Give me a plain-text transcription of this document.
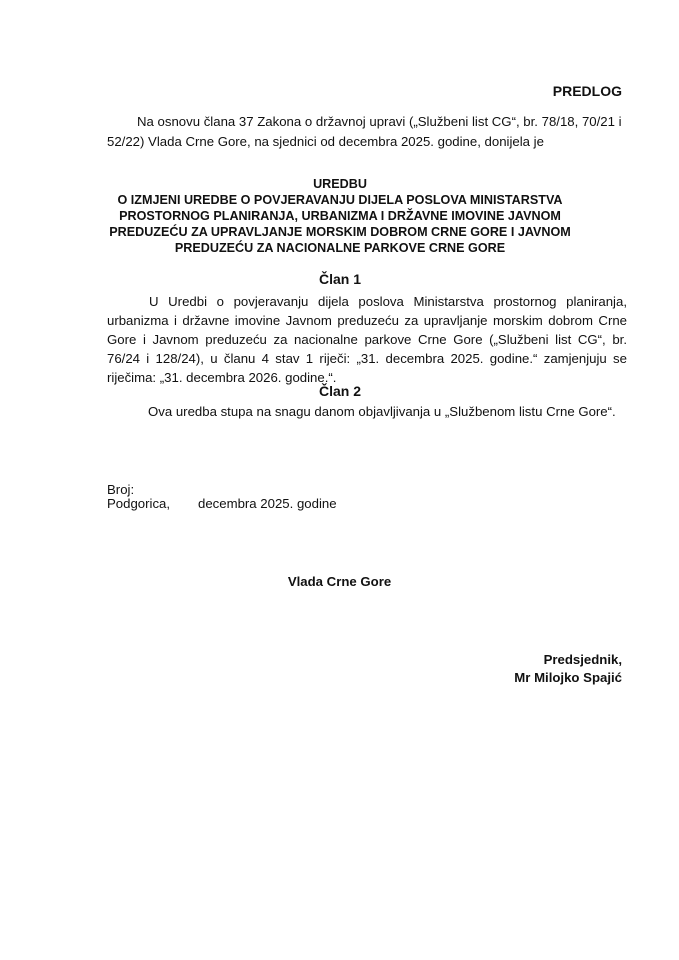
PREDLOG
Na osnovu člana 37 Zakona o državnoj upravi („Službeni list CG“, br. 78/18, 70/21 i 52/22) Vlada Crne Gore, na sjednici od decembra 2025. godine, donijela je
UREDBU
O IZMJENI UREDBE O POVJERAVANJU DIJELA POSLOVA MINISTARSTVA PROSTORNOG PLANIRANJA, URBANIZMA I DRŽAVNE IMOVINE JAVNOM PREDUZEĆU ZA UPRAVLJANJE MORSKIM DOBROM CRNE GORE I JAVNOM PREDUZEĆU ZA NACIONALNE PARKOVE CRNE GORE
Član 1
U Uredbi o povjeravanju dijela poslova Ministarstva prostornog planiranja, urbanizma i državne imovine Javnom preduzeću za upravljanje morskim dobrom Crne Gore i Javnom preduzeću za nacionalne parkove Crne Gore („Službeni list CG“, br. 76/24 i 128/24), u članu 4 stav 1 riječi: „31. decembra 2025. godine.“ zamjenjuju se riječima: „31. decembra 2026. godine.“.
Član 2
Ova uredba stupa na snagu danom objavljivanja u „Službenom listu Crne Gore“.
Broj:
Podgorica, decembra 2025. godine
Vlada Crne Gore
Predsjednik,
Mr Milojko Spajić
